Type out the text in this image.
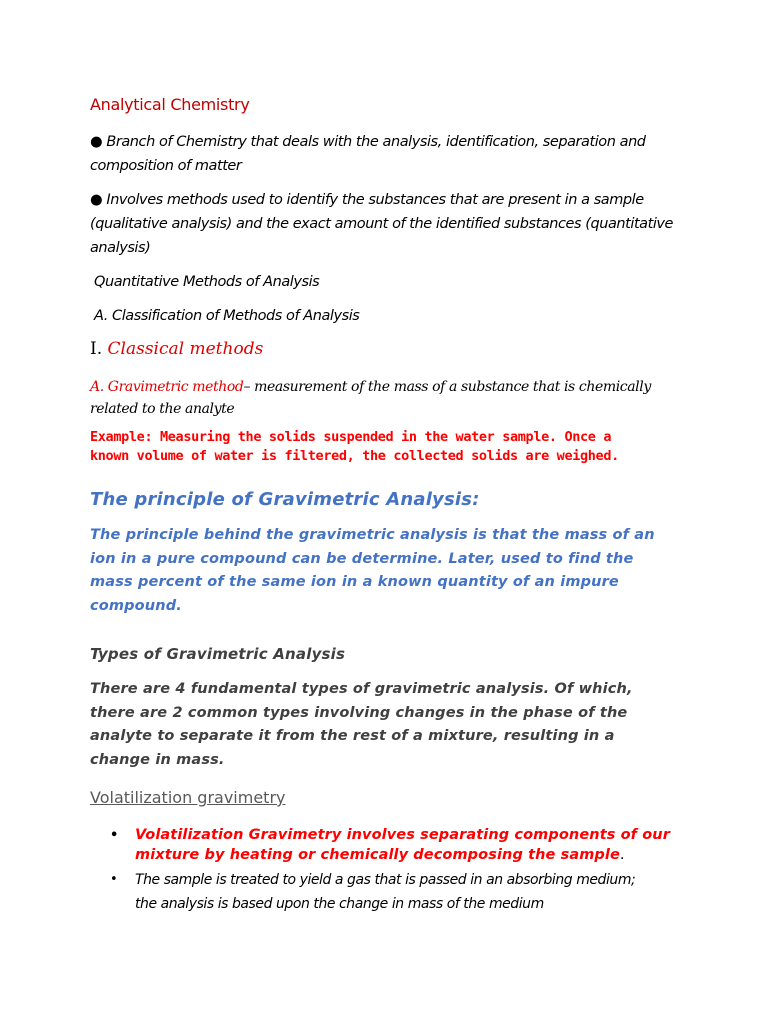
Analytical Chemistry

● Branch of Chemistry that deals with the analysis, identification, separation and composition of matter

● Involves methods used to identify the substances that are present in a sample (qualitative analysis) and the exact amount of the identified substances (quantitative analysis)

Quantitative Methods of Analysis

A. Classification of Methods of Analysis

I. Classical methods

A. Gravimetric method– measurement of the mass of a substance that is chemically related to the analyte

Example: Measuring the solids suspended in the water sample. Once a known volume of water is filtered, the collected solids are weighed.

The principle of Gravimetric Analysis:

The principle behind the gravimetric analysis is that the mass of an ion in a pure compound can be determine. Later, used to find the mass percent of the same ion in a known quantity of an impure compound.

Types of Gravimetric Analysis

There are 4 fundamental types of gravimetric analysis. Of which, there are 2 common types involving changes in the phase of the analyte to separate it from the rest of a mixture, resulting in a change in mass.

Volatilization gravimetry

• Volatilization Gravimetry involves separating components of our mixture by heating or chemically decomposing the sample.
• The sample is treated to yield a gas that is passed in an absorbing medium; the analysis is based upon the change in mass of the medium
